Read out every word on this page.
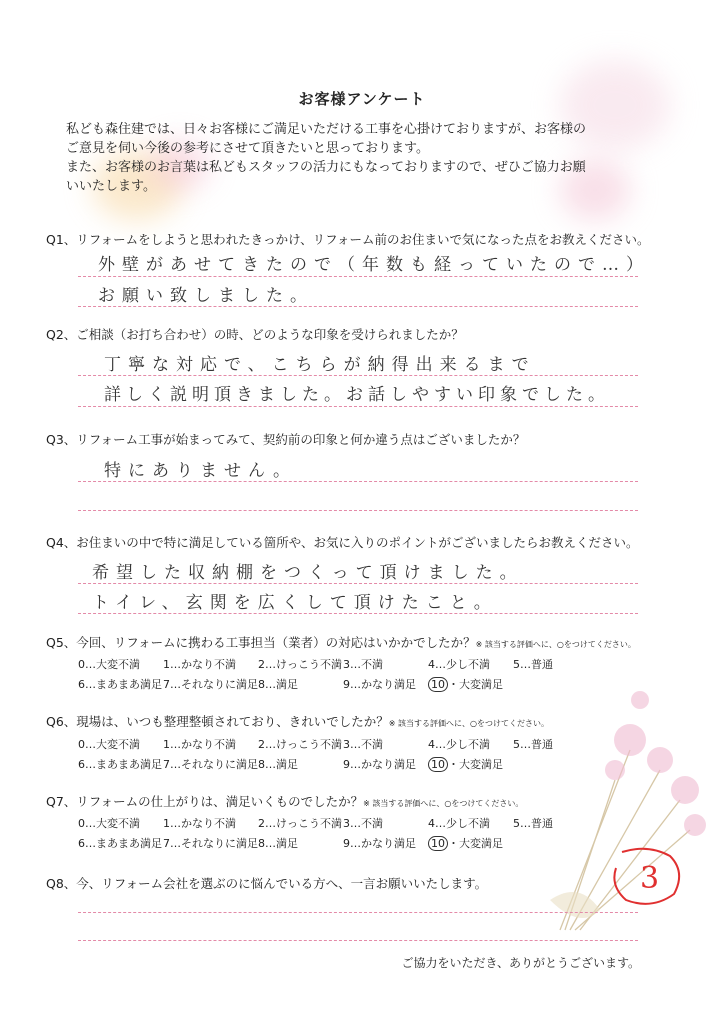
3
お客様アンケート
私ども森住建では、日々お客様にご満足いただける工事を心掛けておりますが、お客様の
ご意見を伺い今後の参考にさせて頂きたいと思っております。
また、お客様のお言葉は私どもスタッフの活力にもなっておりますので、ぜひご協力お願
いいたします。
Q1、リフォームをしようと思われたきっかけ、リフォーム前のお住まいで気になった点をお教えください。
外壁があせてきたので（年数も経っていたので…）
お願い致しました。
Q2、ご相談（お打ち合わせ）の時、どのような印象を受けられましたか？
丁寧な対応で、こちらが納得出来るまで
詳しく説明頂きました。お話しやすい印象でした。
Q3、リフォーム工事が始まってみて、契約前の印象と何か違う点はございましたか？
特にありません。
Q4、お住まいの中で特に満足している箇所や、お気に入りのポイントがございましたらお教えください。
希望した収納棚をつくって頂けました。
トイレ、玄関を広くして頂けたこと。
Q5、今回、リフォームに携わる工事担当（業者）の対応はいかかでしたか？※ 該当する評価へに、○をつけてください。
0…大変不満	1…かなり不満	2…けっこう不満 3…不満	4…少し不満	5…普通
6…まあまあ満足 7…それなりに満足 8…満足	9…かなり満足	10 ・大変満足
Q6、現場は、いつも整理整頓されており、きれいでしたか？※ 該当する評価へに、○をつけてください。
0…大変不満	1…かなり不満	2…けっこう不満 3…不満	4…少し不満	5…普通
6…まあまあ満足 7…それなりに満足 8…満足	9…かなり満足	10 ・大変満足
Q7、リフォームの仕上がりは、満足いくものでしたか？※ 該当する評価へに、○をつけてください。
0…大変不満	1…かなり不満	2…けっこう不満 3…不満	4…少し不満	5…普通
6…まあまあ満足 7…それなりに満足 8…満足	9…かなり満足	10 ・大変満足
Q8、今、リフォーム会社を選ぶのに悩んでいる方へ、一言お願いいたします。
ご協力をいただき、ありがとうございます。
